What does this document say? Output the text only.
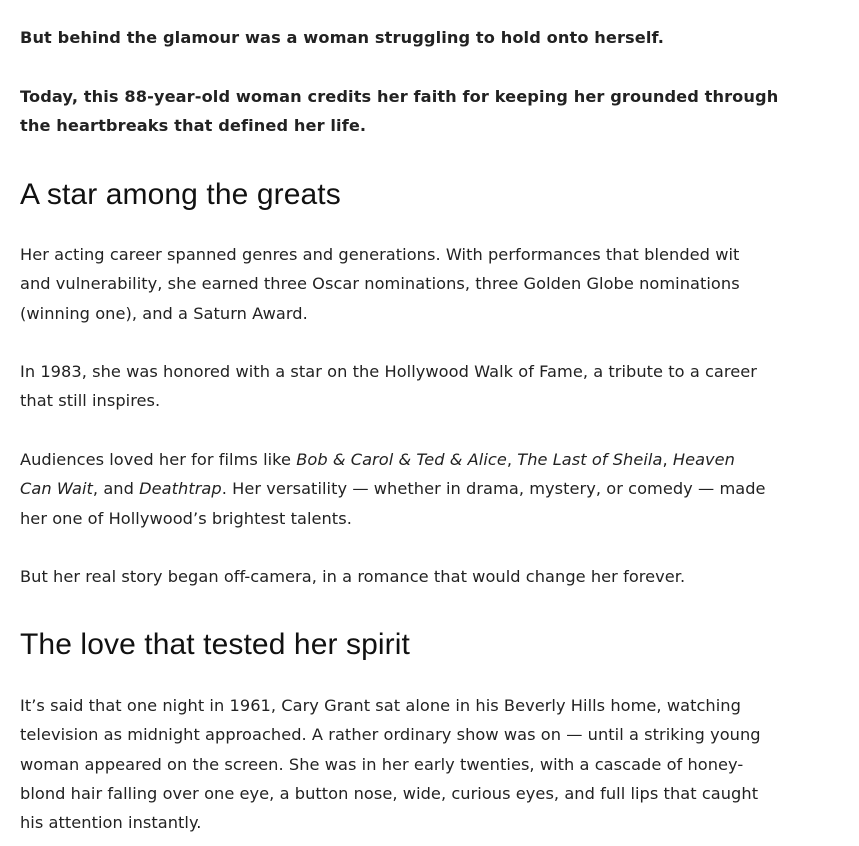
But behind the glamour was a woman struggling to hold onto herself.

Today, this 88-year-old woman credits her faith for keeping her grounded through
the heartbreaks that defined her life.

A star among the greats

Her acting career spanned genres and generations. With performances that blended wit
and vulnerability, she earned three Oscar nominations, three Golden Globe nominations
(winning one), and a Saturn Award.

In 1983, she was honored with a star on the Hollywood Walk of Fame, a tribute to a career
that still inspires.

Audiences loved her for films like Bob & Carol & Ted & Alice, The Last of Sheila, Heaven
Can Wait, and Deathtrap. Her versatility — whether in drama, mystery, or comedy — made
her one of Hollywood’s brightest talents.

But her real story began off-camera, in a romance that would change her forever.

The love that tested her spirit

It’s said that one night in 1961, Cary Grant sat alone in his Beverly Hills home, watching
television as midnight approached. A rather ordinary show was on — until a striking young
woman appeared on the screen. She was in her early twenties, with a cascade of honey-
blond hair falling over one eye, a button nose, wide, curious eyes, and full lips that caught
his attention instantly.
